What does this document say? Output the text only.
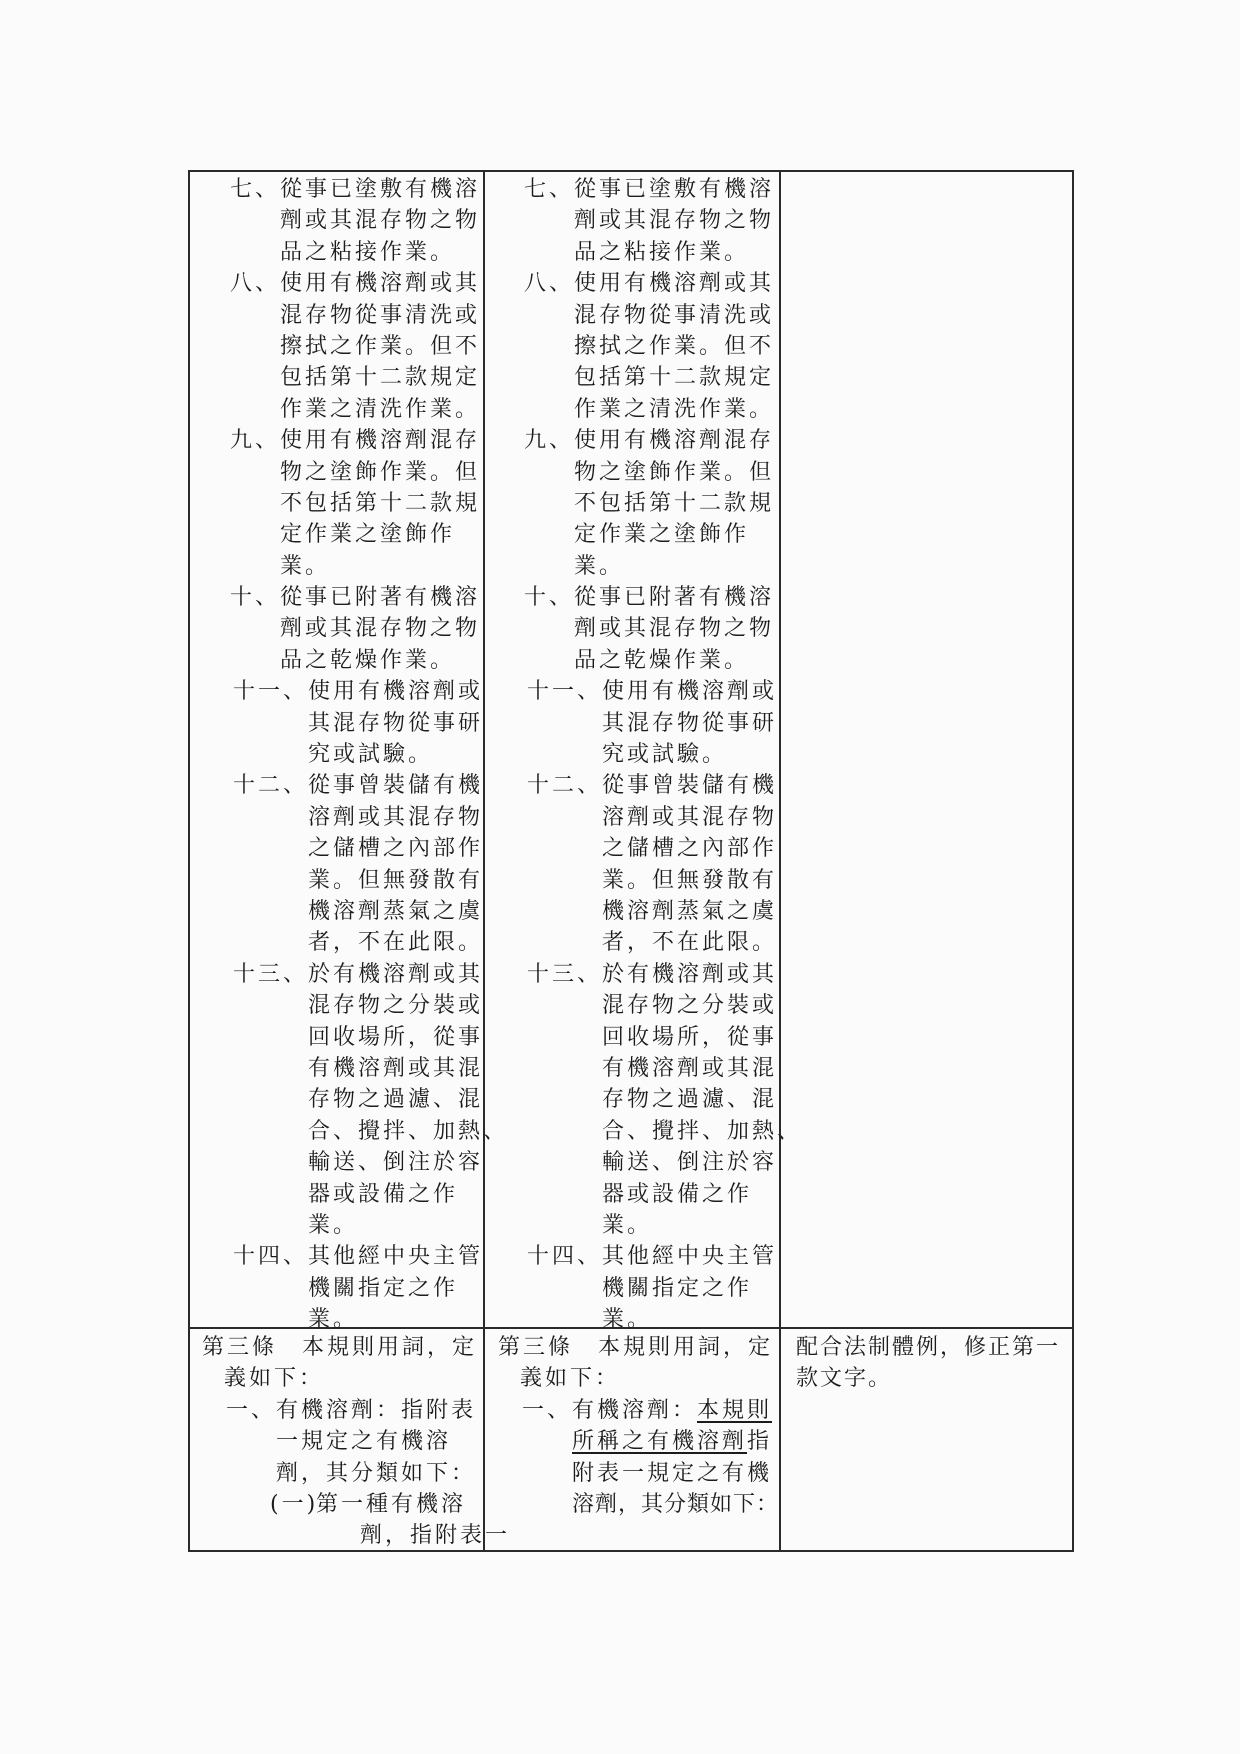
七、 從事已塗敷有機溶
劑或其混存物之物
品之粘接作業。
八、 使用有機溶劑或其
混存物從事清洗或
擦拭之作業。但不
包括第十二款規定
作業之清洗作業。
九、 使用有機溶劑混存
物之塗飾作業。但
不包括第十二款規
定作業之塗飾作
業。
十、 從事已附著有機溶
劑或其混存物之物
品之乾燥作業。
十一、 使用有機溶劑或
其混存物從事研
究或試驗。
十二、 從事曾裝儲有機
溶劑或其混存物
之儲槽之內部作
業。但無發散有
機溶劑蒸氣之虞
者，不在此限。
十三、 於有機溶劑或其
混存物之分裝或
回收場所，從事
有機溶劑或其混
存物之過濾、混
合、攪拌、加熱、
輸送、倒注於容
器或設備之作
業。
十四、 其他經中央主管
機關指定之作
業。
七、 從事已塗敷有機溶
劑或其混存物之物
品之粘接作業。
八、 使用有機溶劑或其
混存物從事清洗或
擦拭之作業。但不
包括第十二款規定
作業之清洗作業。
九、 使用有機溶劑混存
物之塗飾作業。但
不包括第十二款規
定作業之塗飾作
業。
十、 從事已附著有機溶
劑或其混存物之物
品之乾燥作業。
十一、 使用有機溶劑或
其混存物從事研
究或試驗。
十二、 從事曾裝儲有機
溶劑或其混存物
之儲槽之內部作
業。但無發散有
機溶劑蒸氣之虞
者，不在此限。
十三、 於有機溶劑或其
混存物之分裝或
回收場所，從事
有機溶劑或其混
存物之過濾、混
合、攪拌、加熱、
輸送、倒注於容
器或設備之作
業。
十四、 其他經中央主管
機關指定之作
業。
第三條　本規則用詞，定
義如下：
一、 有機溶劑：指附表
一規定之有機溶
劑，其分類如下：
(一)
第一種有機溶
劑，指附表一
第三條　本規則用詞，定
義如下：
一、 有機溶劑：本規則
所稱之有機溶劑指
附表一規定之有機
溶劑，其分類如下：
配合法制體例，修正第一
款文字。
